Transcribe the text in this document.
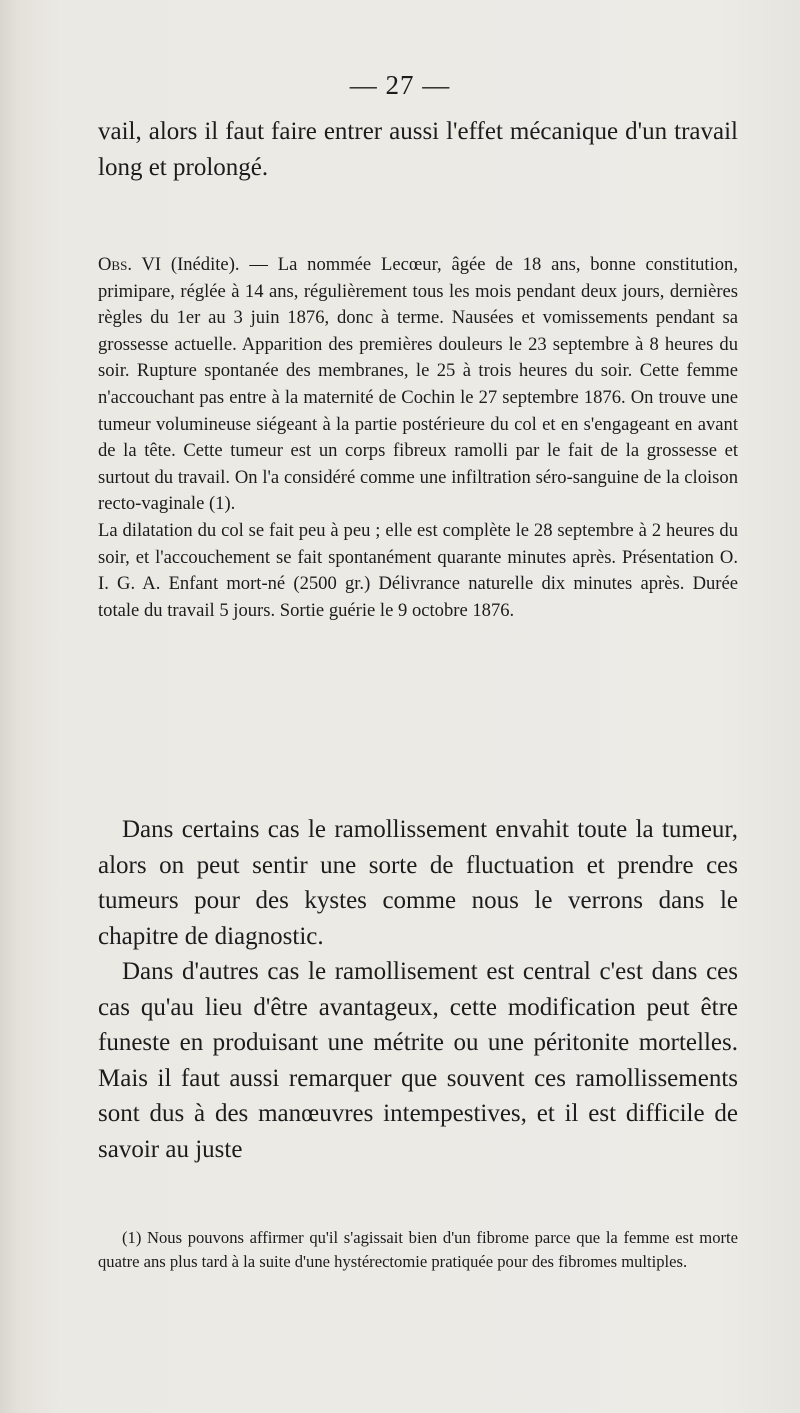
— 27 —
vail, alors il faut faire entrer aussi l'effet mécanique d'un travail long et prolongé.

Obs. VI (Inédite). — La nommée Lecœur, âgée de 18 ans, bonne constitution, primipare, réglée à 14 ans, régulièrement tous les mois pendant deux jours, dernières règles du 1er au 3 juin 1876, donc à terme. Nausées et vomissements pendant sa grossesse actuelle. Apparition des premières douleurs le 23 septembre à 8 heures du soir. Rupture spontanée des membranes, le 25 à trois heures du soir. Cette femme n'accouchant pas entre à la maternité de Cochin le 27 septembre 1876. On trouve une tumeur volumineuse siégeant à la partie postérieure du col et en s'engageant en avant de la tête. Cette tumeur est un corps fibreux ramolli par le fait de la grossesse et surtout du travail. On l'a considéré comme une infiltration séro-sanguine de la cloison recto-vaginale (1).

La dilatation du col se fait peu à peu ; elle est complète le 28 septembre à 2 heures du soir, et l'accouchement se fait spontanément quarante minutes après. Présentation O. I. G. A. Enfant mort-né (2500 gr.) Délivrance naturelle dix minutes après. Durée totale du travail 5 jours. Sortie guérie le 9 octobre 1876.

Dans certains cas le ramollissement envahit toute la tumeur, alors on peut sentir une sorte de fluctuation et prendre ces tumeurs pour des kystes comme nous le verrons dans le chapitre de diagnostic.

Dans d'autres cas le ramollisement est central c'est dans ces cas qu'au lieu d'être avantageux, cette modification peut être funeste en produisant une métrite ou une péritonite mortelles. Mais il faut aussi remarquer que souvent ces ramollissements sont dus à des manœuvres intempestives, et il est difficile de savoir au juste

(1) Nous pouvons affirmer qu'il s'agissait bien d'un fibrome parce que la femme est morte quatre ans plus tard à la suite d'une hystérectomie pratiquée pour des fibromes multiples.
